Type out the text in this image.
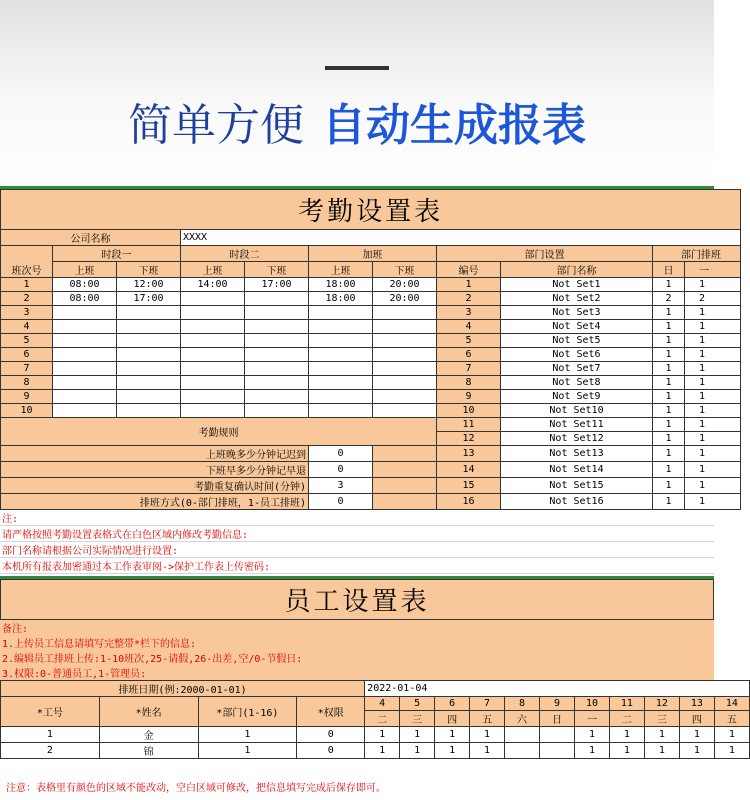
简单方便 自动生成报表
考勤设置表										
公司名称			XXXX							
班次号	时段一		时段二		加班		部门设置		部门排班	
	上班	下班	上班	下班	上班	下班	编号	部门名称	日	一
1	08:00	12:00	14:00	17:00	18:00	20:00	1	Not Set1	1	1
2	08:00	17:00			18:00	20:00	2	Not Set2	2	2
3							3	Not Set3	1	1
4							4	Not Set4	1	1
5							5	Not Set5	1	1
6							6	Not Set6	1	1
7							7	Not Set7	1	1
8							8	Not Set8	1	1
9							9	Not Set9	1	1
10							10	Not Set10	1	1
考勤规则							11	Not Set11	1	1
							12	Not Set12	1	1
上班晚多少分钟记迟到					0		13	Not Set13	1	1
下班早多少分钟记早退					0		14	Not Set14	1	1
考勤重复确认时间(分钟)					3		15	Not Set15	1	1
排班方式(0-部门排班，1-员工排班)					0		16	Not Set16	1	1
注:
请严格按照考勤设置表格式在白色区域内修改考勤信息:
部门名称请根据公司实际情况进行设置:
本机所有报表加密通过本工作表审阅->保护工作表上传密码:

员工设置表
备注:
1.上传员工信息请填写完整带*栏下的信息:
2.编辑员工排班上传:1-10班次,25-请假,26-出差,空/0-节假日:
3.权限:0-普通员工,1-管理员:
排班日期(例:2000-01-01)				2022-01-04										
*工号	*姓名	*部门(1-16)	*权限	4	5	6	7	8	9	10	11	12	13	14
				二	三	四	五	六	日	一	二	三	四	五
1	金	1	0	1	1	1	1			1	1	1	1	1
2	锦	1	0	1	1	1	1			1	1	1	1	1
注意：表格里有颜色的区域不能改动，空白区域可修改，把信息填写完成后保存即可。
